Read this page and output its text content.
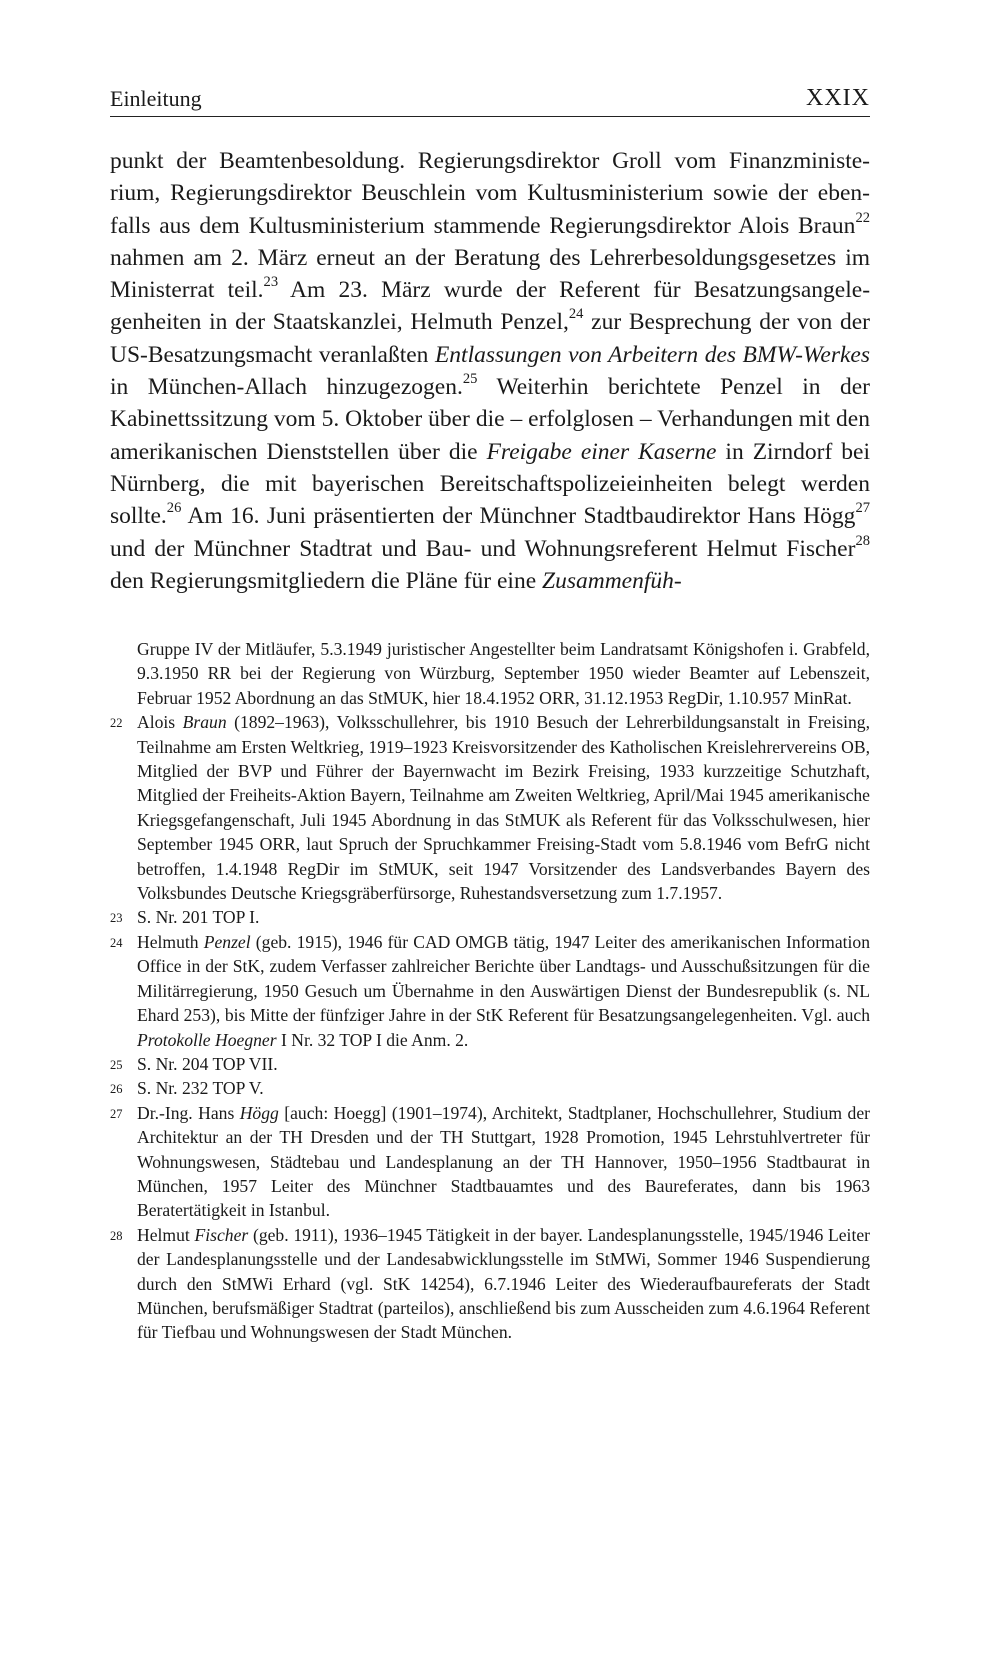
Einleitung	XXIX

punkt der Beamtenbesoldung. Regierungsdirektor Groll vom Finanzministerium, Regierungsdirektor Beuschlein vom Kultusministerium sowie der ebenfalls aus dem Kultusministerium stammende Regierungsdirektor Alois Braun$^{22}$ nahmen am 2. März erneut an der Beratung des Lehrerbesoldungsgesetzes im Ministerrat teil.$^{23}$ Am 23. März wurde der Referent für Besatzungsangelegenheiten in der Staatskanzlei, Helmuth Penzel,$^{24}$ zur Besprechung der von der US-Besatzungsmacht veranlaßten Entlassungen von Arbeitern des BMW-Werkes in München-Allach hinzugezogen.$^{25}$ Weiterhin berichtete Penzel in der Kabinettssitzung vom 5. Oktober über die – erfolglosen – Verhandungen mit den amerikanischen Dienststellen über die Freigabe einer Kaserne in Zirndorf bei Nürnberg, die mit bayerischen Bereitschaftspolizeieinheiten belegt werden sollte.$^{26}$ Am 16. Juni präsentierten der Münchner Stadtbaudirektor Hans Högg$^{27}$ und der Münchner Stadtrat und Bau- und Wohnungsreferent Helmut Fischer$^{28}$ den Regierungsmitgliedern die Pläne für eine Zusammenfüh-

Gruppe IV der Mitläufer, 5.3.1949 juristischer Angestellter beim Landratsamt Königshofen i. Grabfeld, 9.3.1950 RR bei der Regierung von Würzburg, September 1950 wieder Beamter auf Lebenszeit, Februar 1952 Abordnung an das StMUK, hier 18.4.1952 ORR, 31.12.1953 RegDir, 1.10.957 MinRat.

22 Alois Braun (1892–1963), Volksschullehrer, bis 1910 Besuch der Lehrerbildungsanstalt in Freising, Teilnahme am Ersten Weltkrieg, 1919–1923 Kreisvorsitzender des Katholischen Kreislehrervereins OB, Mitglied der BVP und Führer der Bayernwacht im Bezirk Freising, 1933 kurzzeitige Schutzhaft, Mitglied der Freiheits-Aktion Bayern, Teilnahme am Zweiten Weltkrieg, April/Mai 1945 amerikanische Kriegsgefangenschaft, Juli 1945 Abordnung in das StMUK als Referent für das Volksschulwesen, hier September 1945 ORR, laut Spruch der Spruchkammer Freising-Stadt vom 5.8.1946 vom BefrG nicht betroffen, 1.4.1948 RegDir im StMUK, seit 1947 Vorsitzender des Landsverbandes Bayern des Volksbundes Deutsche Kriegsgräberfürsorge, Ruhestandsversetzung zum 1.7.1957.

23 S. Nr. 201 TOP I.

24 Helmuth Penzel (geb. 1915), 1946 für CAD OMGB tätig, 1947 Leiter des amerikanischen Information Office in der StK, zudem Verfasser zahlreicher Berichte über Landtags- und Ausschußsitzungen für die Militärregierung, 1950 Gesuch um Übernahme in den Auswärtigen Dienst der Bundesrepublik (s. NL Ehard 253), bis Mitte der fünfziger Jahre in der StK Referent für Besatzungsangelegenheiten. Vgl. auch Protokolle Hoegner I Nr. 32 TOP I die Anm. 2.

25 S. Nr. 204 TOP VII.

26 S. Nr. 232 TOP V.

27 Dr.-Ing. Hans Högg [auch: Hoegg] (1901–1974), Architekt, Stadtplaner, Hochschullehrer, Studium der Architektur an der TH Dresden und der TH Stuttgart, 1928 Promotion, 1945 Lehrstuhlvertreter für Wohnungswesen, Städtebau und Landesplanung an der TH Hannover, 1950–1956 Stadtbaurat in München, 1957 Leiter des Münchner Stadtbauamtes und des Baureferates, dann bis 1963 Beratertätigkeit in Istanbul.

28 Helmut Fischer (geb. 1911), 1936–1945 Tätigkeit in der bayer. Landesplanungsstelle, 1945/1946 Leiter der Landesplanungsstelle und der Landesabwicklungsstelle im StMWi, Sommer 1946 Suspendierung durch den StMWi Erhard (vgl. StK 14254), 6.7.1946 Leiter des Wiederaufbaureferats der Stadt München, berufsmäßiger Stadtrat (parteilos), anschließend bis zum Ausscheiden zum 4.6.1964 Referent für Tiefbau und Wohnungswesen der Stadt München.
